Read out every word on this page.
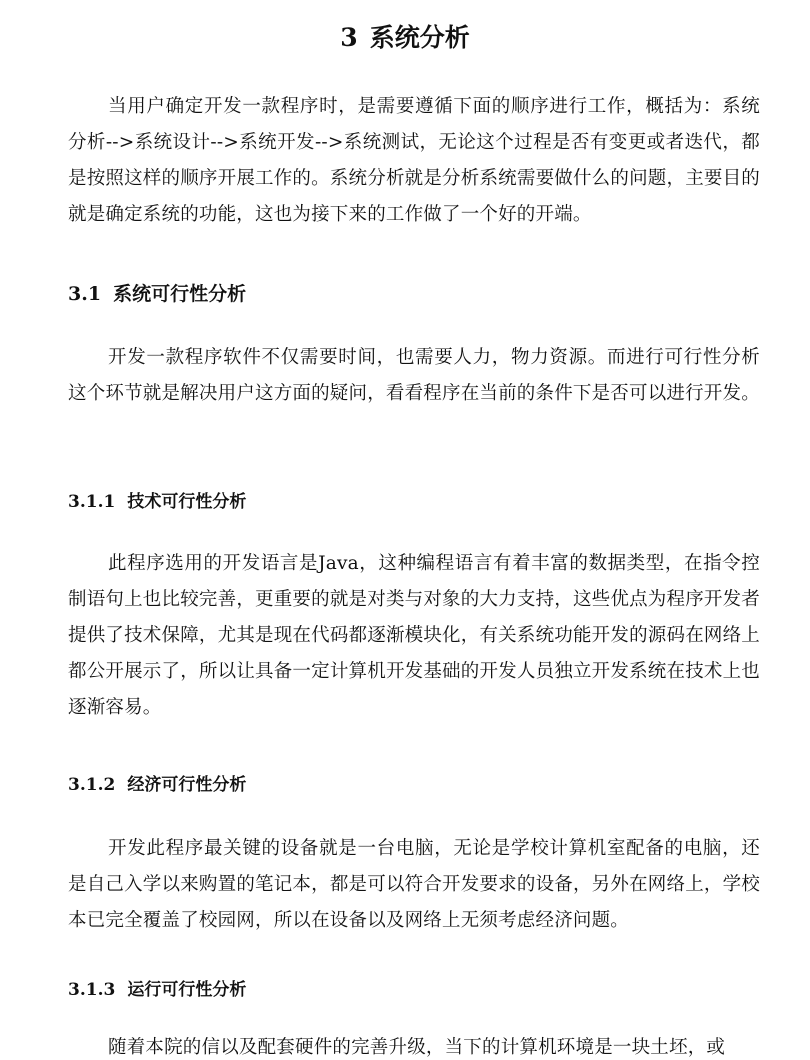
3 系统分析

当用户确定开发一款程序时，是需要遵循下面的顺序进行工作，概括为：系统分析-->系统设计-->系统开发-->系统测试，无论这个过程是否有变更或者迭代，都是按照这样的顺序开展工作的。系统分析就是分析系统需要做什么的问题，主要目的就是确定系统的功能，这也为接下来的工作做了一个好的开端。

3.1 系统可行性分析

开发一款程序软件不仅需要时间，也需要人力，物力资源。而进行可行性分析这个环节就是解决用户这方面的疑问，看看程序在当前的条件下是否可以进行开发。

3.1.1 技术可行性分析

此程序选用的开发语言是Java，这种编程语言有着丰富的数据类型，在指令控制语句上也比较完善，更重要的就是对类与对象的大力支持，这些优点为程序开发者提供了技术保障，尤其是现在代码都逐渐模块化，有关系统功能开发的源码在网络上都公开展示了，所以让具备一定计算机开发基础的开发人员独立开发系统在技术上也逐渐容易。

3.1.2 经济可行性分析

开发此程序最关键的设备就是一台电脑，无论是学校计算机室配备的电脑，还是自己入学以来购置的笔记本，都是可以符合开发要求的设备，另外在网络上，学校本已完全覆盖了校园网，所以在设备以及网络上无须考虑经济问题。

3.1.3 运行可行性分析

随着本院的信以及配套硬件的完善升级，当下的计算机环境是一块土坯，或
